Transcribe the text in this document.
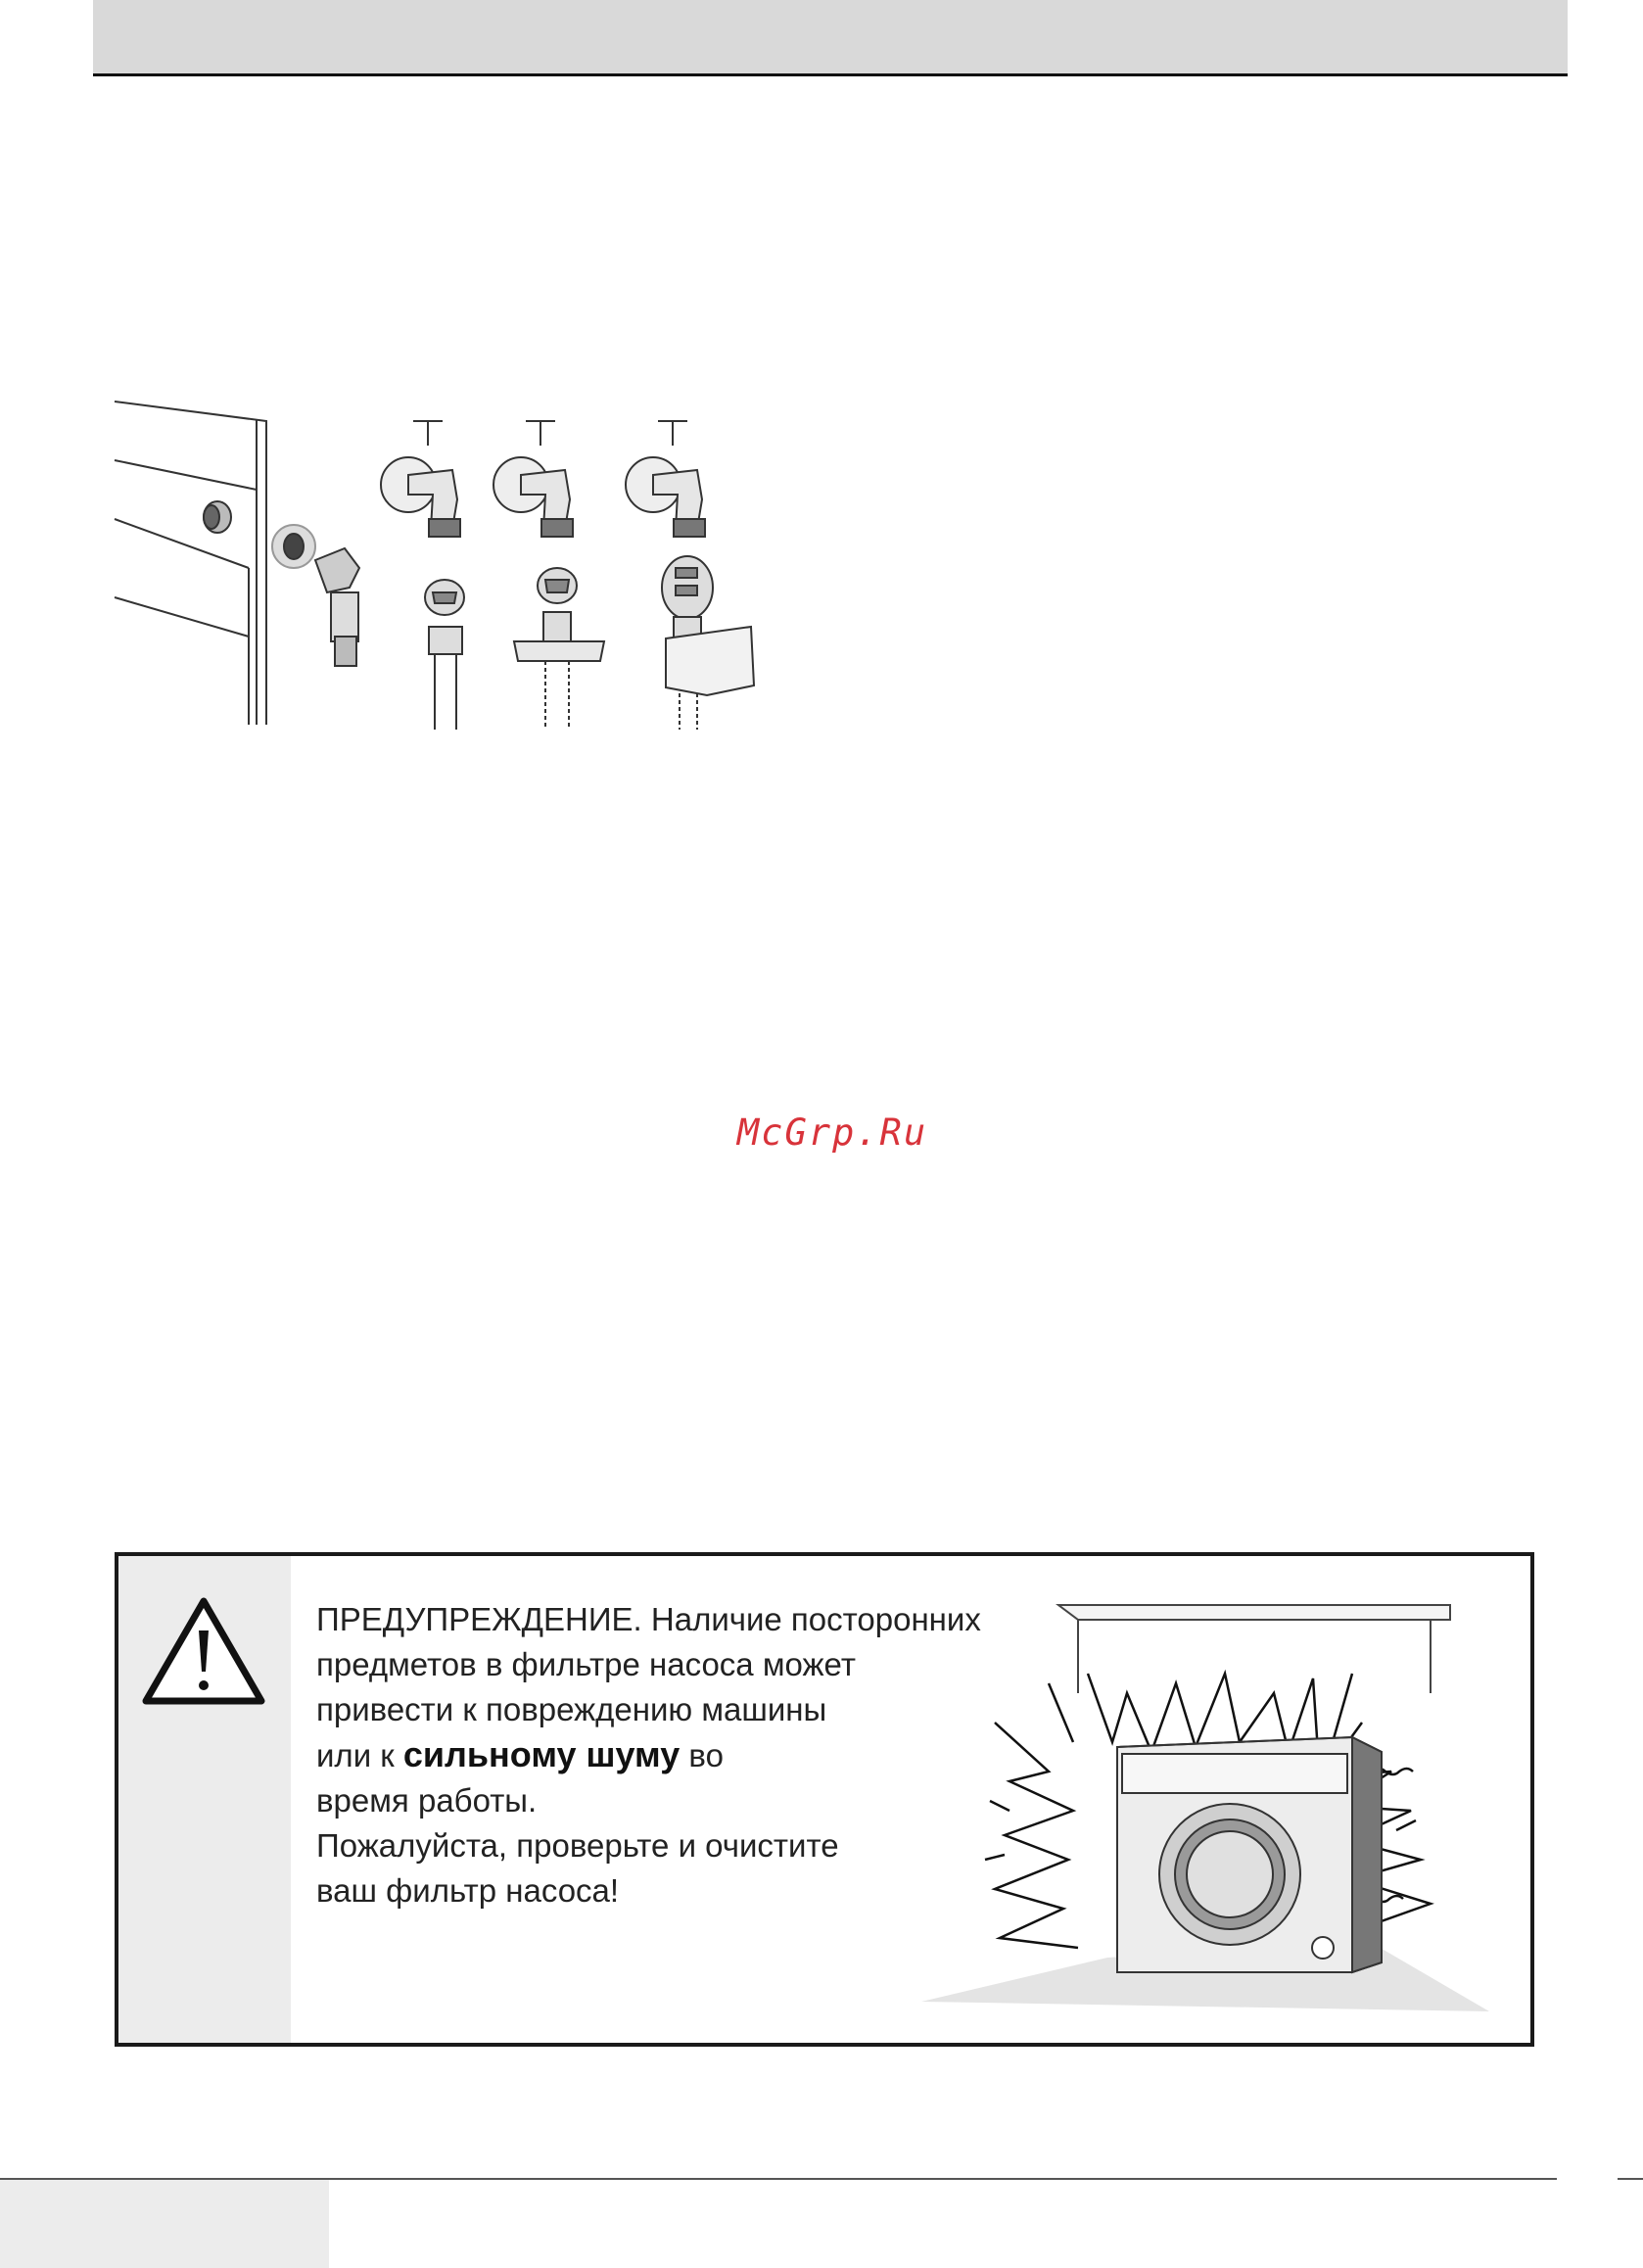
McGrp.Ru

ПРЕДУПРЕЖДЕНИЕ. Наличие посторонних

предметов в фильтре насоса может

привести к повреждению машины

или к сильному шуму во

время работы.

Пожалуйста, проверьте и очистите

ваш фильтр насоса!
